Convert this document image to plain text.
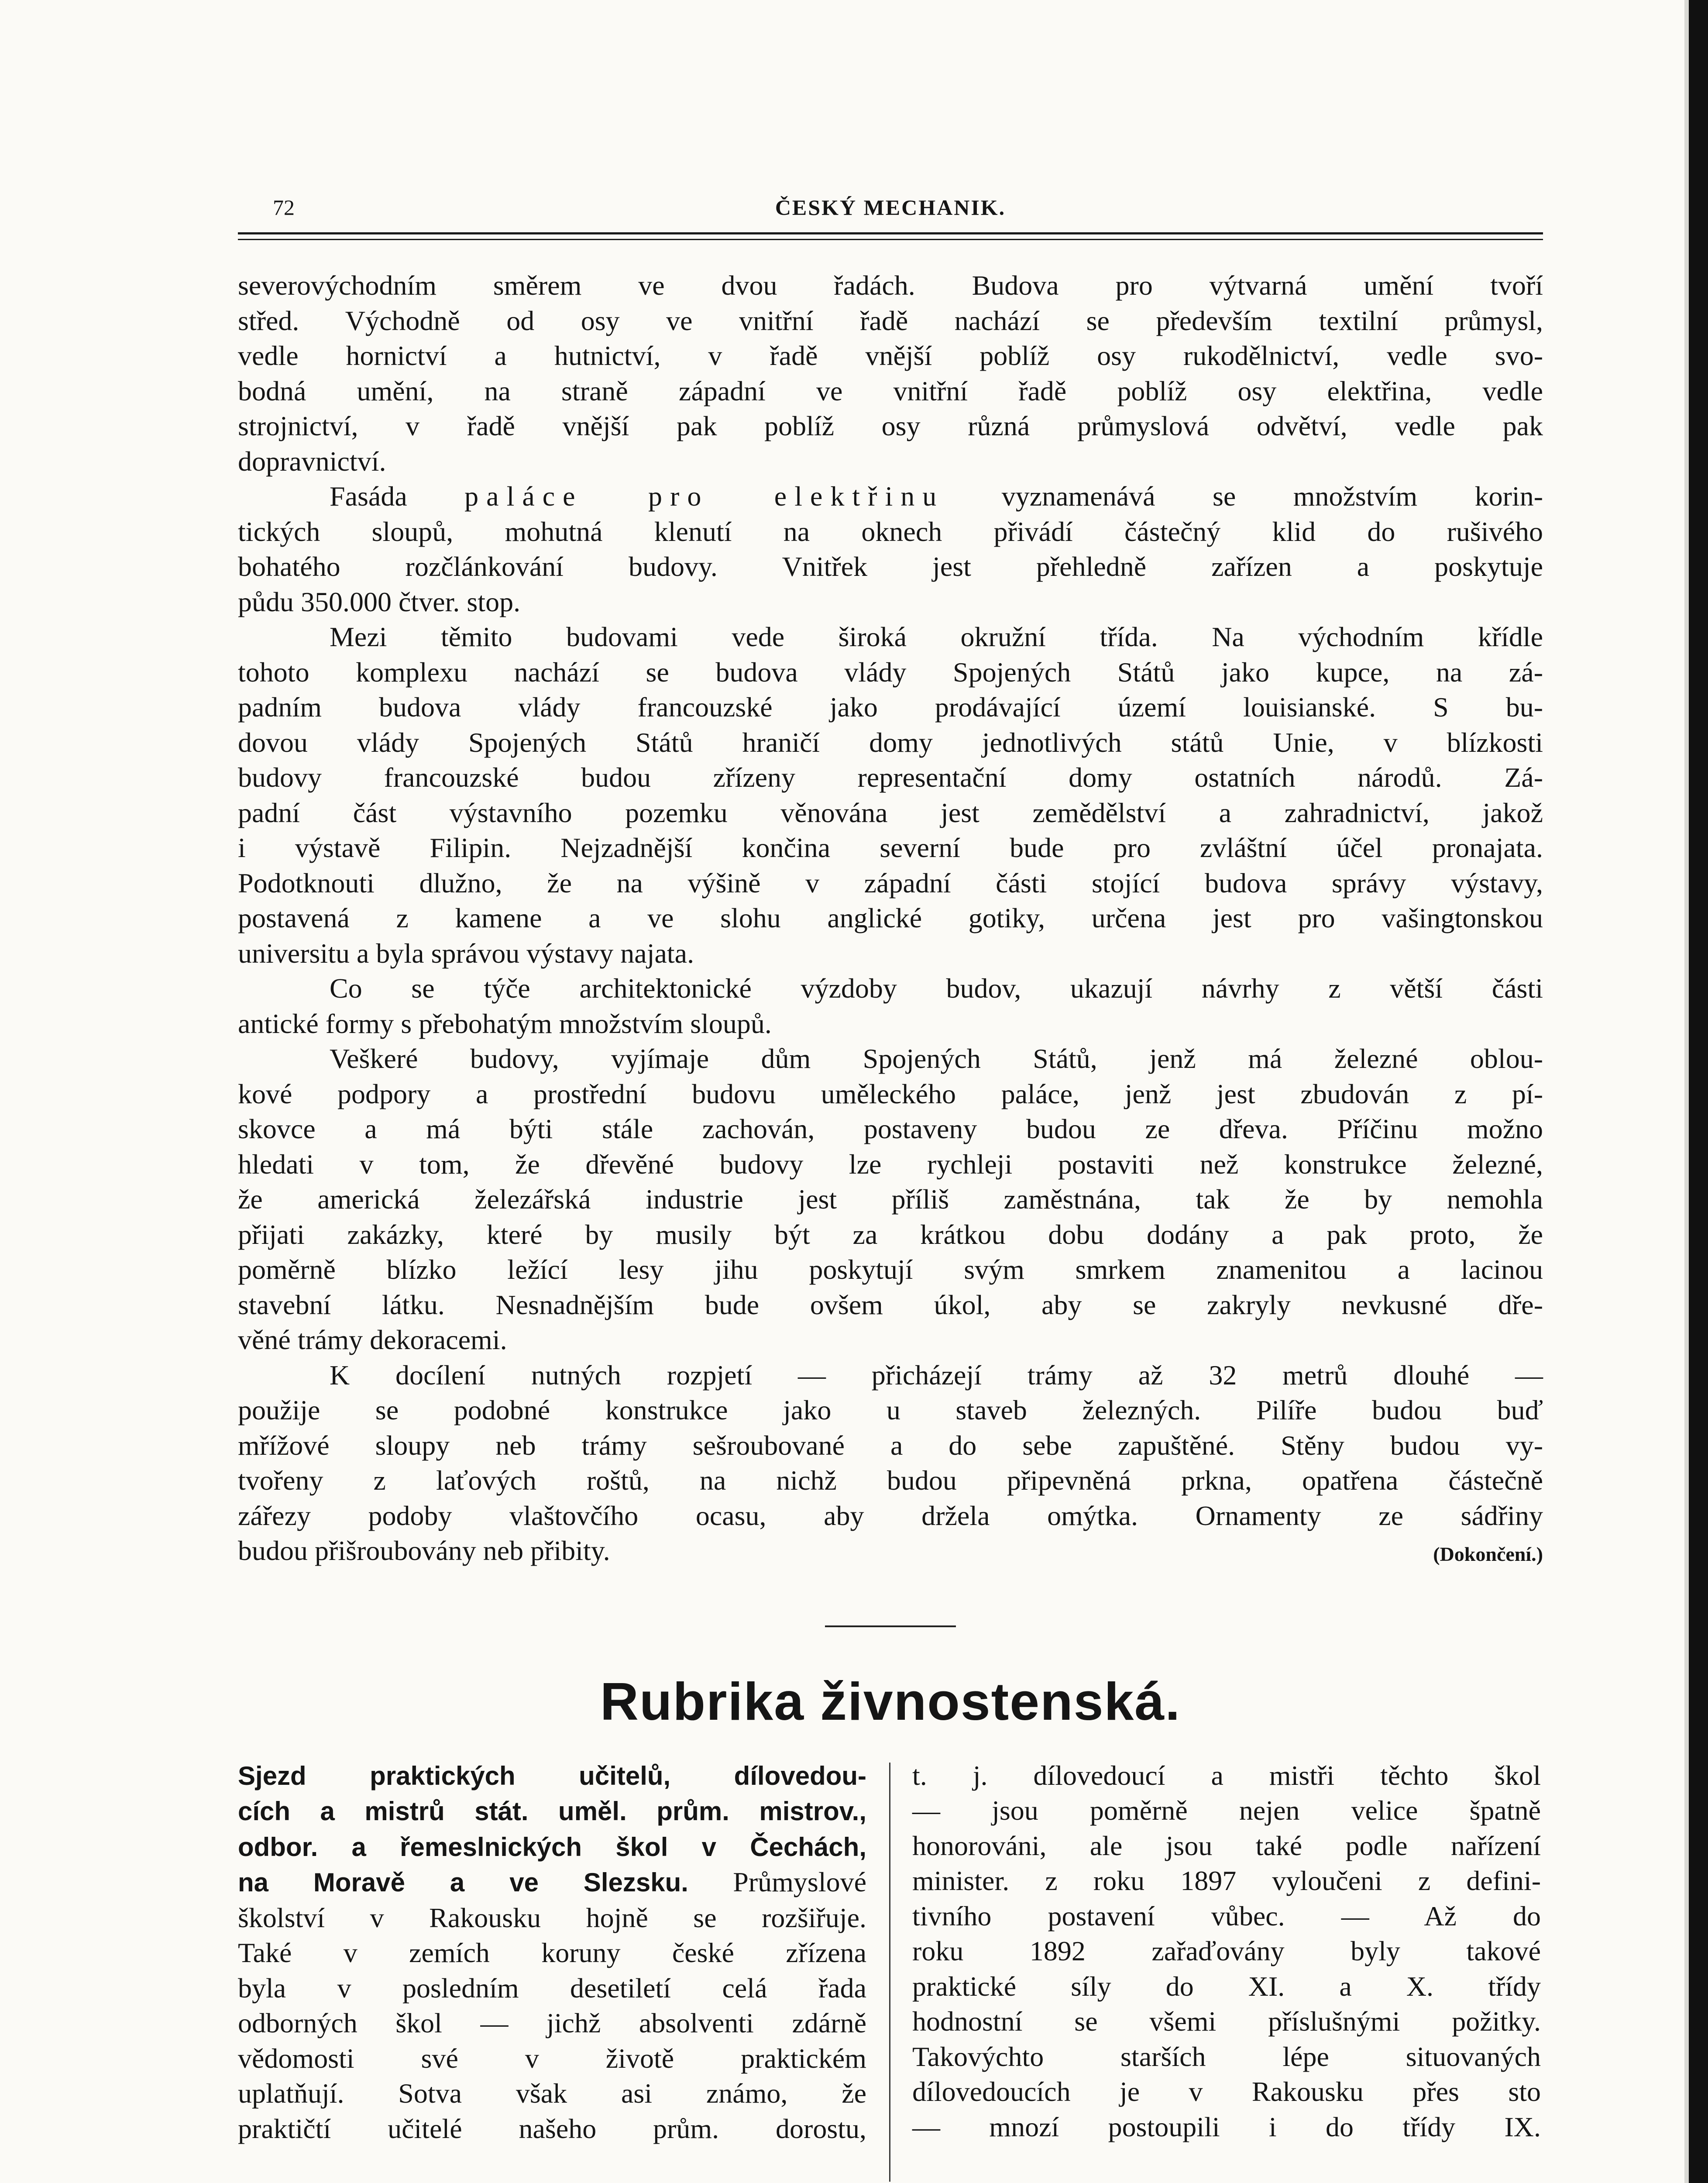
72	ČESKÝ MECHANIK.

severovýchodním směrem ve dvou řadách. Budova pro výtvarná umění tvoří

střed. Východně od osy ve vnitřní řadě nachází se především textilní průmysl,

vedle hornictví a hutnictví, v řadě vnější poblíž osy rukodělnictví, vedle svo-

bodná umění, na straně západní ve vnitřní řadě poblíž osy elektřina, vedle

strojnictví, v řadě vnější pak poblíž osy různá průmyslová odvětví, vedle pak

dopravnictví.

Fasáda paláce pro elektřinu vyznamenává se množstvím korin-

tických sloupů, mohutná klenutí na oknech přivádí částečný klid do rušivého

bohatého rozčlánkování budovy. Vnitřek jest přehledně zařízen a poskytuje

půdu 350.000 čtver. stop.

Mezi těmito budovami vede široká okružní třída. Na východním křídle

tohoto komplexu nachází se budova vlády Spojených Států jako kupce, na zá-

padním budova vlády francouzské jako prodávající území louisianské. S bu-

dovou vlády Spojených Států hraničí domy jednotlivých států Unie, v blízkosti

budovy francouzské budou zřízeny representační domy ostatních národů. Zá-

padní část výstavního pozemku věnována jest zemědělství a zahradnictví, jakož

i výstavě Filipin. Nejzadnější končina severní bude pro zvláštní účel pronajata.

Podotknouti dlužno, že na výšině v západní části stojící budova správy výstavy,

postavená z kamene a ve slohu anglické gotiky, určena jest pro vašingtonskou

universitu a byla správou výstavy najata.

Co se týče architektonické výzdoby budov, ukazují návrhy z větší části

antické formy s přebohatým množstvím sloupů.

Veškeré budovy, vyjímaje dům Spojených Států, jenž má železné oblou-

kové podpory a prostřední budovu uměleckého paláce, jenž jest zbudován z pí-

skovce a má býti stále zachován, postaveny budou ze dřeva. Příčinu možno

hledati v tom, že dřevěné budovy lze rychleji postaviti než konstrukce železné,

že americká železářská industrie jest příliš zaměstnána, tak že by nemohla

přijati zakázky, které by musily být za krátkou dobu dodány a pak proto, že

poměrně blízko ležící lesy jihu poskytují svým smrkem znamenitou a lacinou

stavební látku. Nesnadnějším bude ovšem úkol, aby se zakryly nevkusné dře-

věné trámy dekoracemi.

K docílení nutných rozpjetí — přicházejí trámy až 32 metrů dlouhé —

použije se podobné konstrukce jako u staveb železných. Pilíře budou buď

mřížové sloupy neb trámy sešroubované a do sebe zapuštěné. Stěny budou vy-

tvořeny z laťových roštů, na nichž budou připevněná prkna, opatřena částečně

zářezy podoby vlaštovčího ocasu, aby držela omýtka. Ornamenty ze sádřiny

budou přišroubovány neb přibity.	(Dokončení.)

Rubrika živnostenská.

Sjezd praktických učitelů, dílovedou-

cích a mistrů stát. uměl. prům. mistrov.,

odbor. a řemeslnických škol v Čechách,

na Moravě a ve Slezsku. Průmyslové

školství v Rakousku hojně se rozšiřuje.

Také v zemích koruny české zřízena

byla v posledním desetiletí celá řada

odborných škol — jichž absolventi zdárně

vědomosti své v životě praktickém

uplatňují. Sotva však asi známo, že

praktičtí učitelé našeho prům. dorostu,

t. j. dílovedoucí a mistři těchto škol

— jsou poměrně nejen velice špatně

honorováni, ale jsou také podle nařízení

minister. z roku 1897 vyloučeni z defini-

tivního postavení vůbec. — Až do

roku 1892 zařaďovány byly takové

praktické síly do XI. a X. třídy

hodnostní se všemi příslušnými požitky.

Takovýchto starších lépe situovaných

dílovedoucích je v Rakousku přes sto

— mnozí postoupili i do třídy IX.
